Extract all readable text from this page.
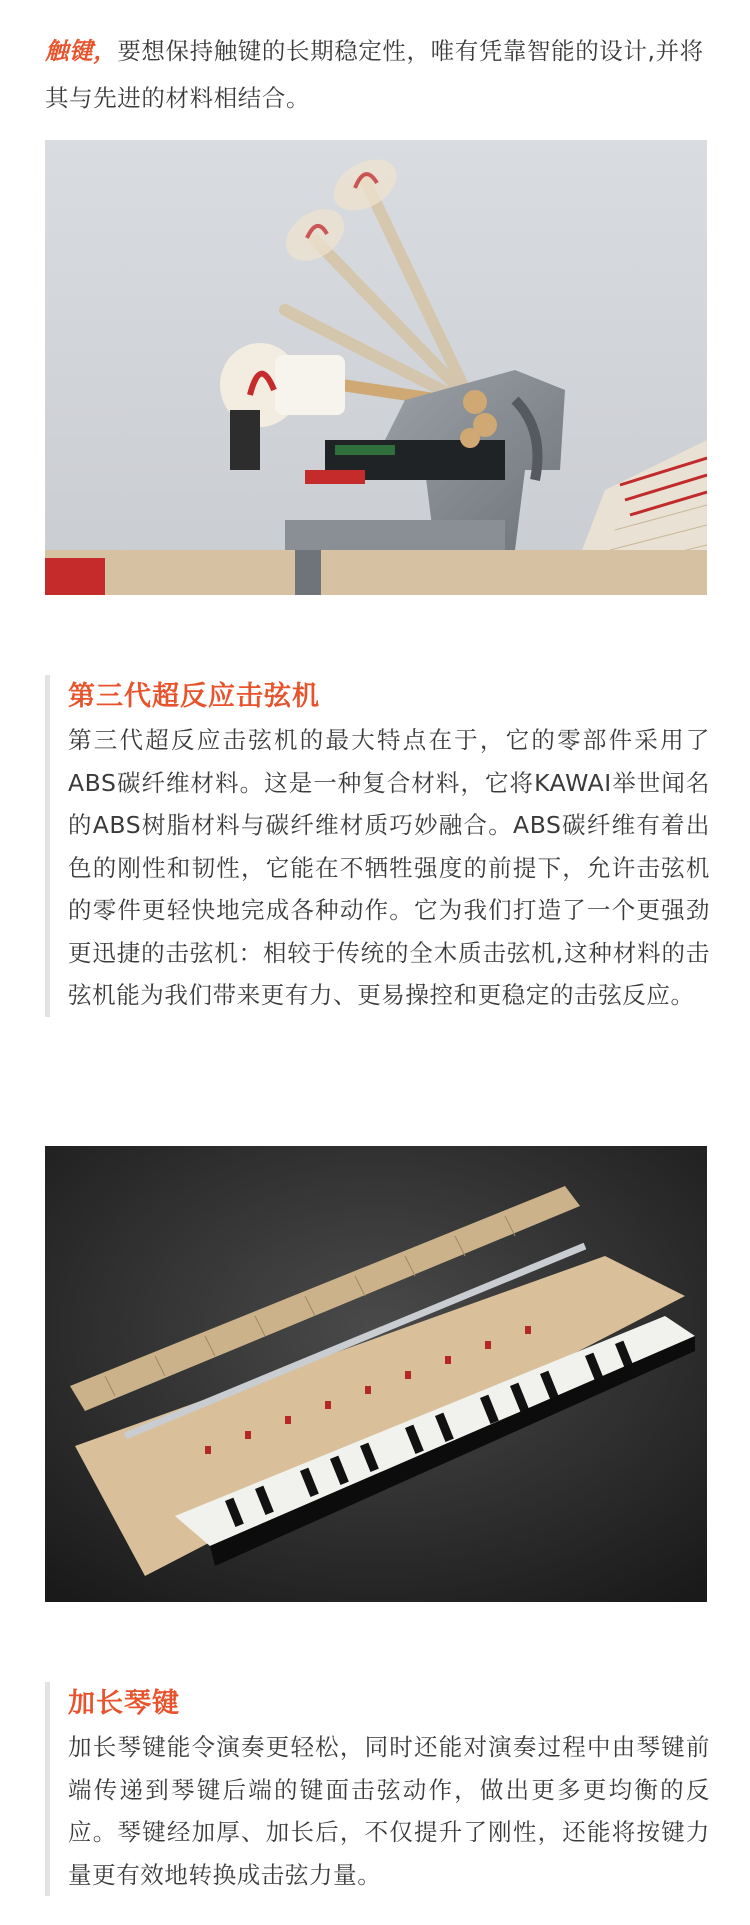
触键，要想保持触键的长期稳定性，唯有凭靠智能的设计,并将其与先进的材料相结合。

第三代超反应击弦机

第三代超反应击弦机的最大特点在于，它的零部件采用了ABS碳纤维材料。这是一种复合材料，它将KAWAI举世闻名的ABS树脂材料与碳纤维材质巧妙融合。ABS碳纤维有着出色的刚性和韧性，它能在不牺牲强度的前提下，允许击弦机的零件更轻快地完成各种动作。它为我们打造了一个更强劲更迅捷的击弦机：相较于传统的全木质击弦机,这种材料的击弦机能为我们带来更有力、更易操控和更稳定的击弦反应。

加长琴键

加长琴键能令演奏更轻松，同时还能对演奏过程中由琴键前端传递到琴键后端的键面击弦动作，做出更多更均衡的反应。琴键经加厚、加长后，不仅提升了刚性，还能将按键力量更有效地转换成击弦力量。
